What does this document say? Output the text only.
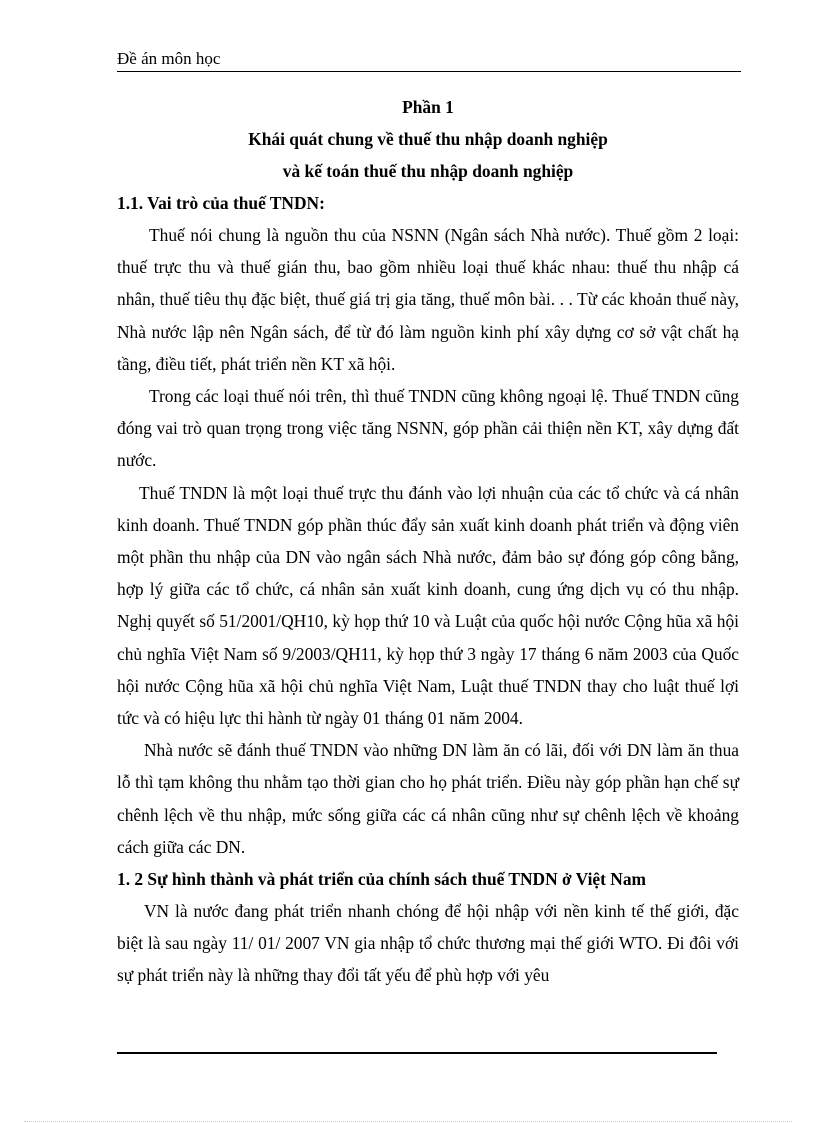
Đề án môn học
Phần 1
Khái quát chung về thuế thu nhập doanh nghiệp
và kế toán thuế thu nhập doanh nghiệp
1.1. Vai trò của thuế TNDN:

Thuế nói chung là nguồn thu của NSNN (Ngân sách Nhà nước). Thuế gồm 2 loại: thuế trực thu và thuế gián thu, bao gồm nhiều loại thuế khác nhau: thuế thu nhập cá nhân, thuế tiêu thụ đặc biệt, thuế giá trị gia tăng, thuế môn bài. . . Từ các khoản thuế này, Nhà nước lập nên Ngân sách, để từ đó làm nguồn kinh phí xây dựng cơ sở vật chất hạ tầng, điều tiết, phát triển nền KT xã hội.

Trong các loại thuế nói trên, thì thuế TNDN cũng không ngoại lệ. Thuế TNDN cũng đóng vai trò quan trọng trong việc tăng NSNN, góp phần cải thiện nền KT, xây dựng đất nước.

Thuế TNDN là một loại thuế trực thu đánh vào lợi nhuận của các tổ chức và cá nhân kinh doanh. Thuế TNDN góp phần thúc đẩy sản xuất kinh doanh phát triển và động viên một phần thu nhập của DN vào ngân sách Nhà nước, đảm bảo sự đóng góp công bằng, hợp lý giữa các tổ chức, cá nhân sản xuất kinh doanh, cung ứng dịch vụ có thu nhập. Nghị quyết số 51/2001/QH10, kỳ họp thứ 10 và Luật của quốc hội nước Cộng hũa xã hội chủ nghĩa Việt Nam số 9/2003/QH11, kỳ họp thứ 3 ngày 17 tháng 6 năm 2003 của Quốc hội nước Cộng hũa xã hội chủ nghĩa Việt Nam, Luật thuế TNDN thay cho luật thuế lợi tức và có hiệu lực thi hành từ ngày 01 tháng 01 năm 2004.

Nhà nước sẽ đánh thuế TNDN vào những DN làm ăn có lãi, đối với DN làm ăn thua lỗ thì tạm không thu nhằm tạo thời gian cho họ phát triển. Điều này góp phần hạn chế sự chênh lệch về thu nhập, mức sống giữa các cá nhân cũng như sự chênh lệch về khoảng cách giữa các DN.

1. 2 Sự hình thành và phát triển của chính sách thuế TNDN ở Việt Nam

VN là nước đang phát triển nhanh chóng để hội nhập với nền kinh tế thế giới, đặc biệt là sau ngày 11/ 01/ 2007 VN gia nhập tổ chức thương mại thế giới WTO. Đi đôi với sự phát triển này là những thay đổi tất yếu để phù hợp với yêu
